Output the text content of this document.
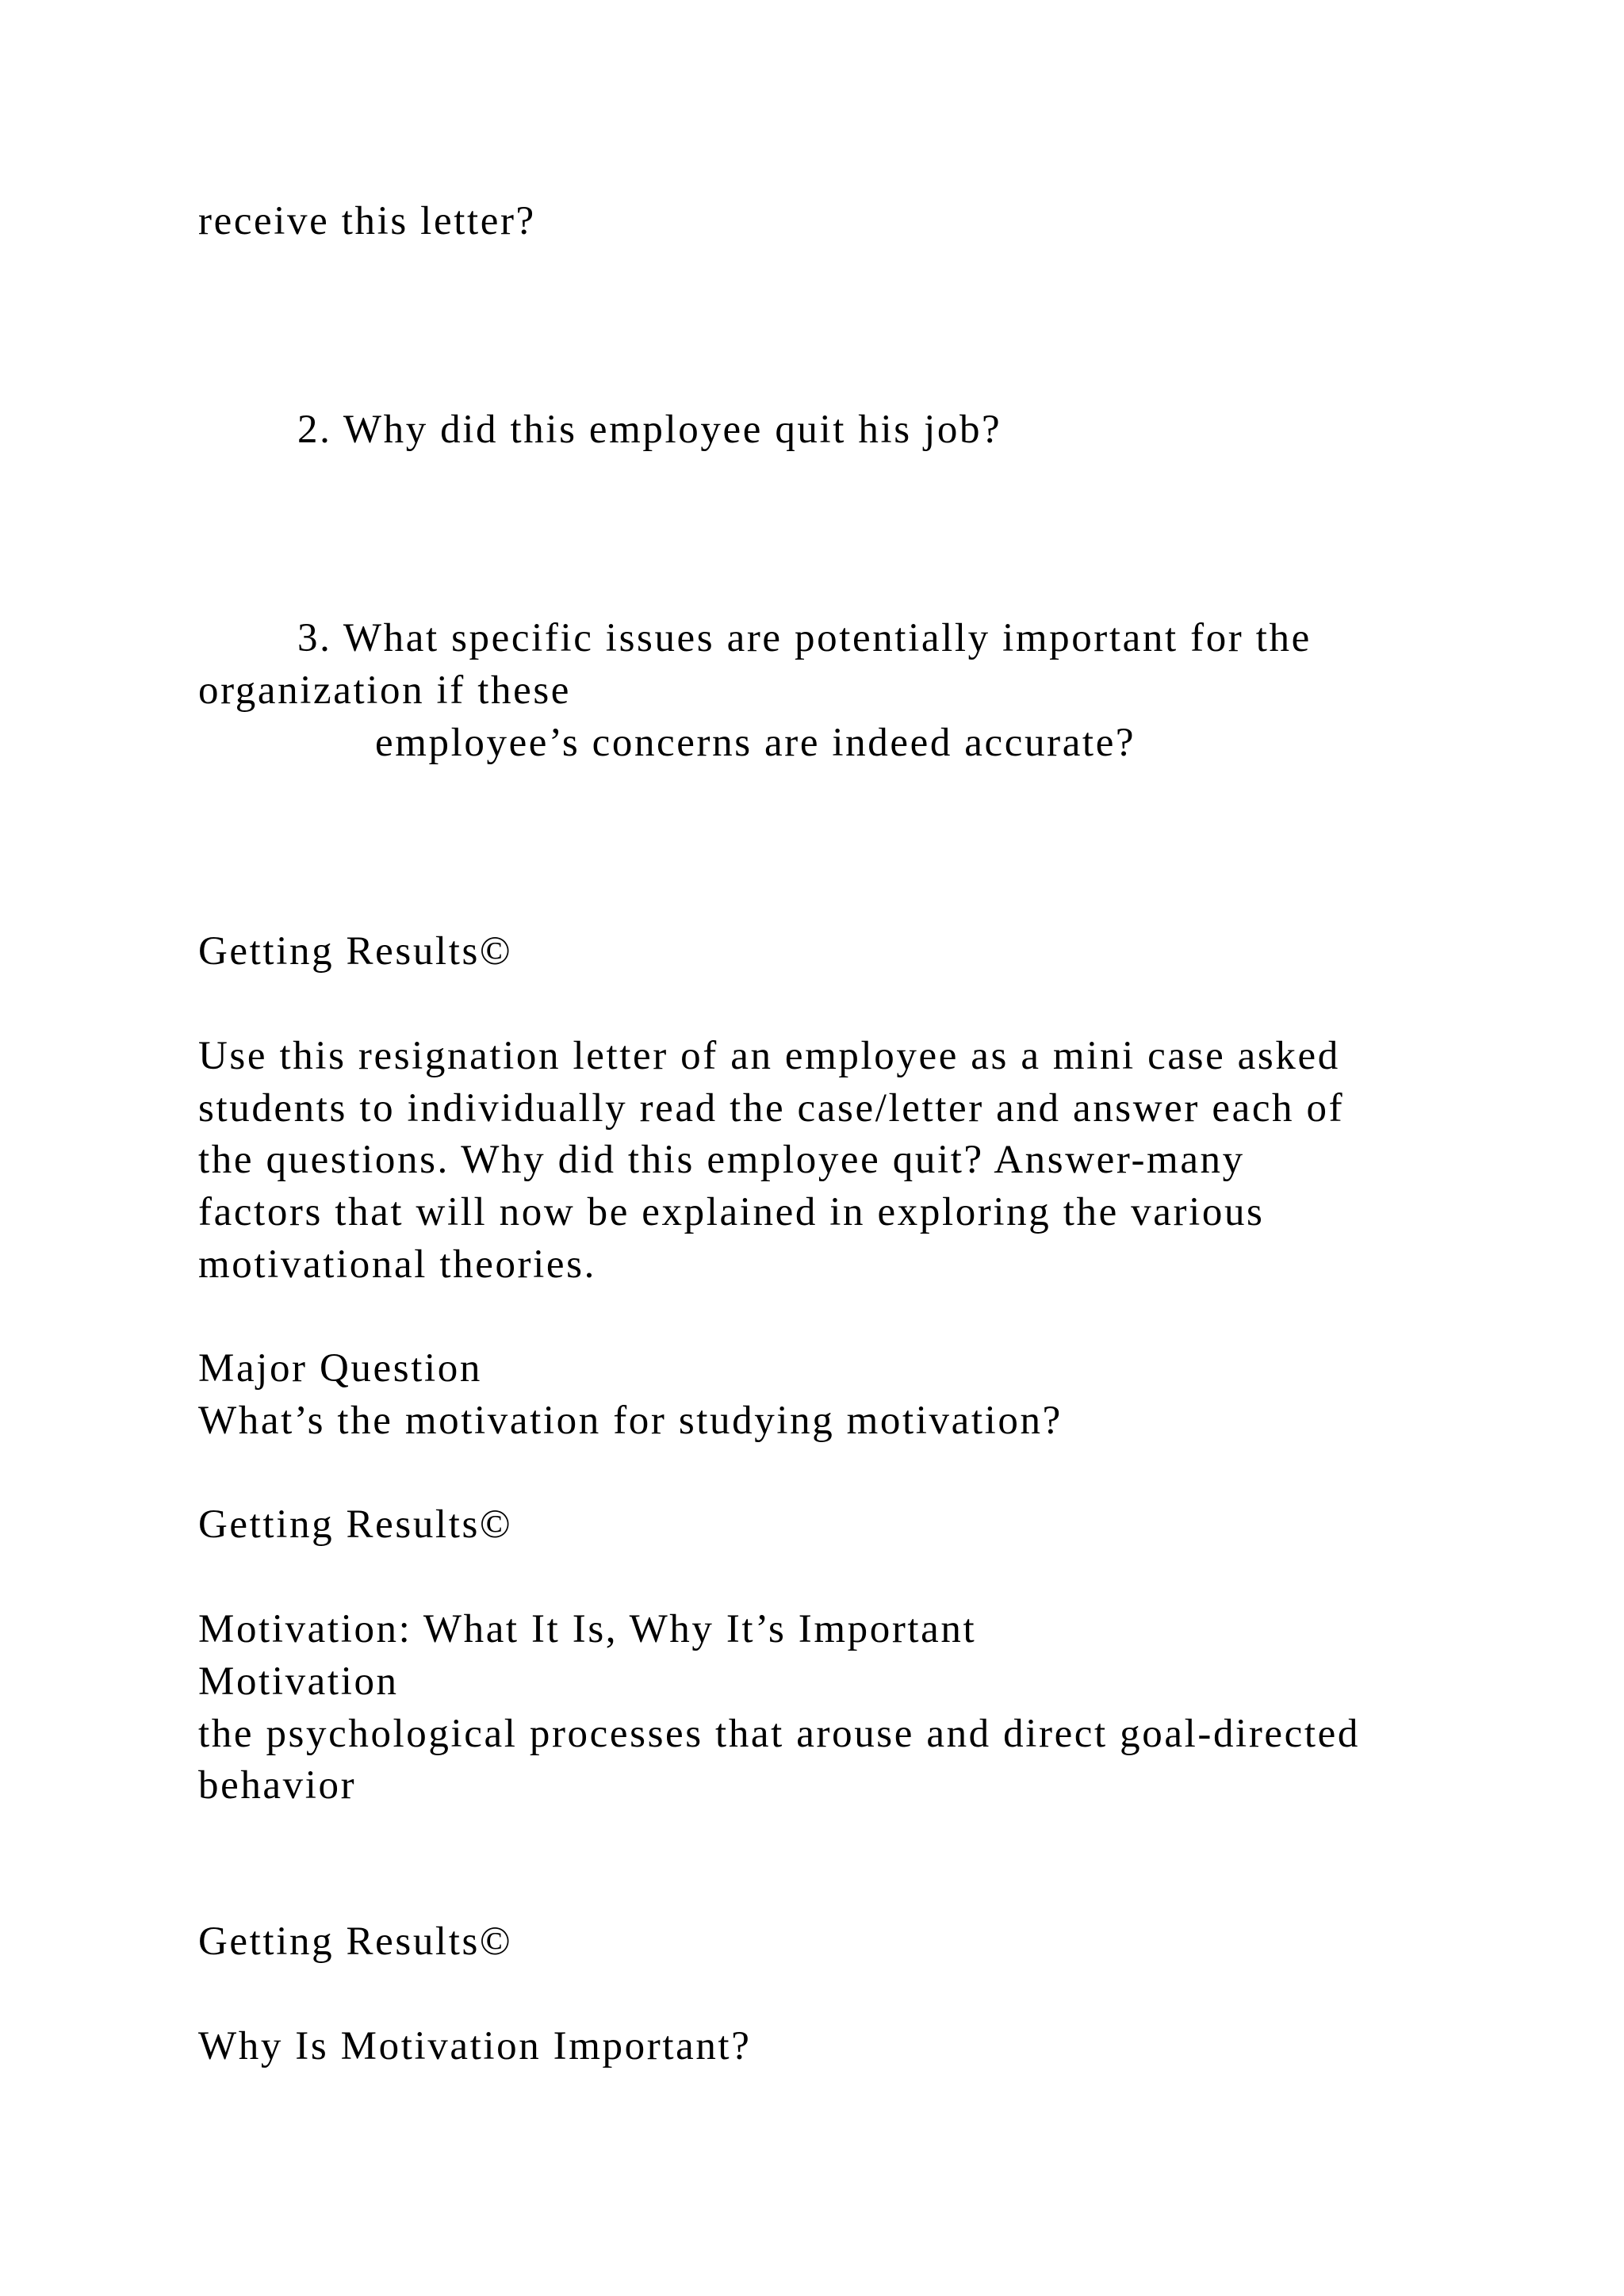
receive this letter?
2. Why did this employee quit his job?
3. What specific issues are potentially important for the
organization if these
employee’s concerns are indeed accurate?
Getting Results©
Use this resignation letter of an employee as a mini case asked
students to individually read the case/letter and answer each of
the questions. Why did this employee quit? Answer-many
factors that will now be explained in exploring the various
motivational theories.
Major Question
What’s the motivation for studying motivation?
Getting Results©
Motivation: What It Is, Why It’s Important
Motivation
the psychological processes that arouse and direct goal-directed
behavior
Getting Results©
Why Is Motivation Important?
